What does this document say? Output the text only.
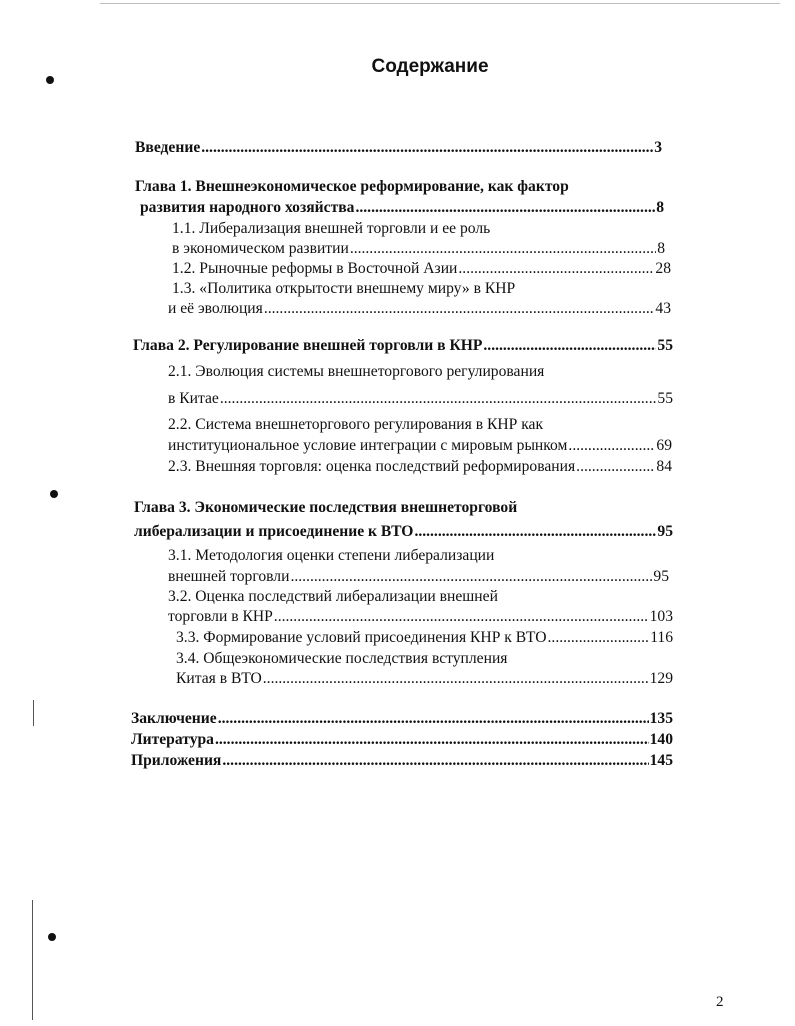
Содержание
Введение .....	3
Глава 1. Внешнеэкономическое реформирование, как фактор
развития народного хозяйства .....	8
1.1. Либерализация внешней торговли и ее роль
в экономическом развитии .....	8
1.2. Рыночные реформы в Восточной Азии .....	28
1.3. «Политика открытости внешнему миру» в КНР
и её эволюция .....	43
Глава 2. Регулирование внешней торговли в КНР .....	55
2.1. Эволюция системы внешнеторгового регулирования
в Китае .....	55
2.2. Система внешнеторгового регулирования в КНР как
институциональное условие интеграции с мировым рынком .....	69
2.3. Внешняя торговля: оценка последствий реформирования .....	84
Глава 3. Экономические последствия внешнеторговой
либерализации и присоединение к ВТО .....	95
3.1. Методология оценки степени либерализации
внешней торговли .....	95
3.2. Оценка последствий либерализации внешней
торговли в КНР .....	103
3.3. Формирование условий присоединения КНР к ВТО .....	116
3.4. Общеэкономические последствия вступления
Китая в ВТО .....	129
Заключение .....	135
Литература .....	140
Приложения .....	145
2
